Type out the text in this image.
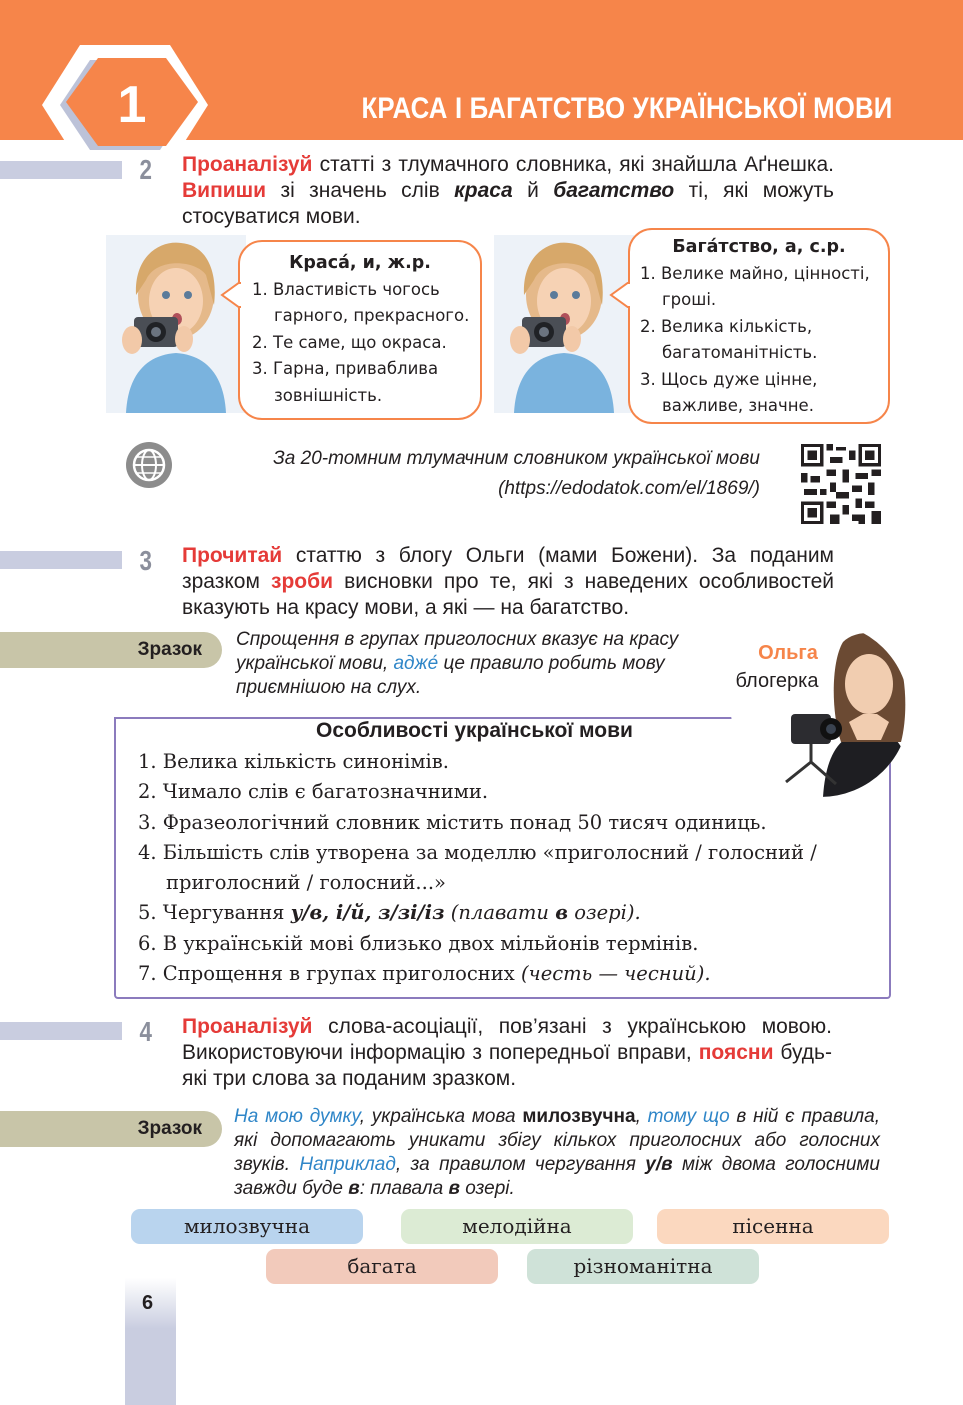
1	КРАСА І БАГАТСТВО УКРАЇНСЬКОЇ МОВИ
2 Проаналізуй статті з тлумачного словника, які знайшла Аґнешка. Випиши зі значень слів краса й багатство ті, які можуть стосуватися мови.
Краса́, и, ж.р.
1. Властивість чогось гарного, прекрасного.
2. Те саме, що окраса.
3. Гарна, приваблива зовнішність.
Бага́тство, а, с.р.
1. Велике майно, цінності, гроші.
2. Велика кількість, багатоманітність.
3. Щось дуже цінне, важливе, значне.
За 20-томним тлумачним словником української мови
(https://edodatok.com/el/1869/)
3 Прочитай статтю з блогу Ольги (мами Божени). За поданим зразком зроби висновки про те, які з наведених особливостей вказують на красу мови, а які — на багатство.
Зразок	Спрощення в групах приголосних вказує на красу української мови, адже́ це правило робить мову приємнішою на слух.
Особливості української мови
1. Велика кількість синонімів.
2. Чимало слів є багатозначними.
3. Фразеологічний словник містить понад 50 тисяч одиниць.
4. Більшість слів утворена за моделлю «приголосний / голосний / приголосний / голосний...»
5. Чергування у/в, і/й, з/зі/із (плавати в озері).
6. В українській мові близько двох мільйонів термінів.
7. Спрощення в групах приголосних (честь — чесний).
Ольга
блогерка
4 Проаналізуй слова-асоціації, пов’язані з українською мовою. Використовуючи інформацію з попередньої вправи, поясни будь-які три слова за поданим зразком.
Зразок
На мою думку, українська мова милозвучна, тому що в ній є правила, які допомагають уникати збігу кількох приголосних або голосних звуків. Наприклад, за правилом чергування у/в між двома голосними завжди буде в: плавала в озері.
милозвучна	мелодійна	пісенна
багата	різноманітна
6
